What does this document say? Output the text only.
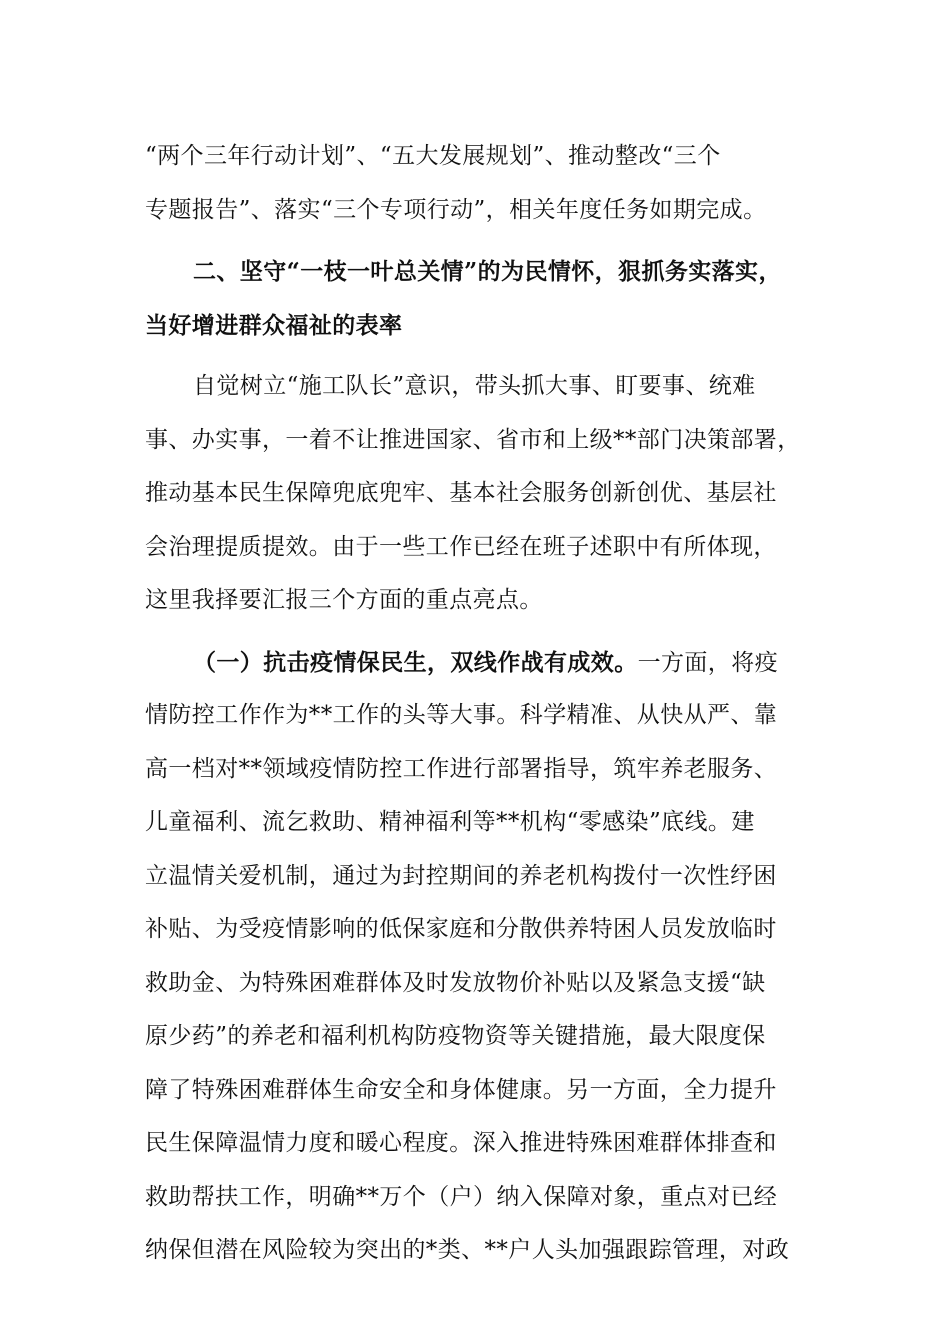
“两个三年行动计划”、“五大发展规划”、推动整改“三个
专题报告”、落实“三个专项行动”，相关年度任务如期完成。
二、坚守“一枝一叶总关情”的为民情怀，狠抓务实落实，
当好增进群众福祉的表率
自觉树立“施工队长”意识，带头抓大事、盯要事、统难
事、办实事，一着不让推进国家、省市和上级**部门决策部署，
推动基本民生保障兜底兜牢、基本社会服务创新创优、基层社
会治理提质提效。由于一些工作已经在班子述职中有所体现，
这里我择要汇报三个方面的重点亮点。
（一）抗击疫情保民生，双线作战有成效。一方面，将疫
情防控工作作为**工作的头等大事。科学精准、从快从严、靠
高一档对**领域疫情防控工作进行部署指导，筑牢养老服务、
儿童福利、流乞救助、精神福利等**机构“零感染”底线。建
立温情关爱机制，通过为封控期间的养老机构拨付一次性纾困
补贴、为受疫情影响的低保家庭和分散供养特困人员发放临时
救助金、为特殊困难群体及时发放物价补贴以及紧急支援“缺
原少药”的养老和福利机构防疫物资等关键措施，最大限度保
障了特殊困难群体生命安全和身体健康。另一方面，全力提升
民生保障温情力度和暖心程度。深入推进特殊困难群体排查和
救助帮扶工作，明确**万个（户）纳入保障对象，重点对已经
纳保但潜在风险较为突出的*类、**户人头加强跟踪管理，对政
